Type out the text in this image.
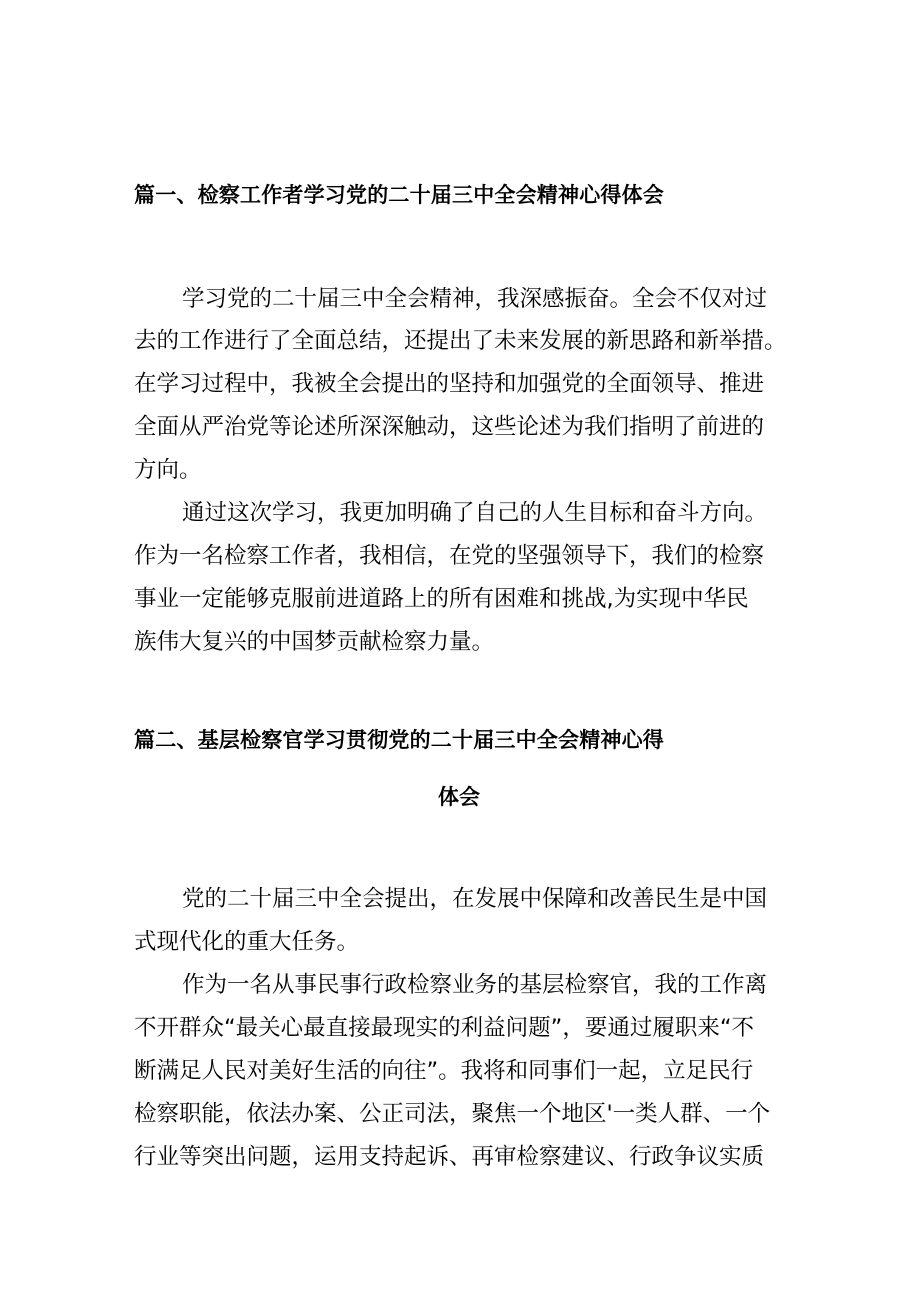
篇一、检察工作者学习党的二十届三中全会精神心得体会
学习党的二十届三中全会精神，我深感振奋。全会不仅对过
去的工作进行了全面总结，还提出了未来发展的新思路和新举措。
在学习过程中，我被全会提出的坚持和加强党的全面领导、推进
全面从严治党等论述所深深触动，这些论述为我们指明了前进的
方向。
通过这次学习，我更加明确了自己的人生目标和奋斗方向。
作为一名检察工作者，我相信，在党的坚强领导下，我们的检察
事业一定能够克服前进道路上的所有困难和挑战,为实现中华民
族伟大复兴的中国梦贡献检察力量。
篇二、基层检察官学习贯彻党的二十届三中全会精神心得
体会
党的二十届三中全会提出，在发展中保障和改善民生是中国
式现代化的重大任务。
作为一名从事民事行政检察业务的基层检察官，我的工作离
不开群众“最关心最直接最现实的利益问题”，要通过履职来“不
断满足人民对美好生活的向往”。我将和同事们一起，立足民行
检察职能，依法办案、公正司法，聚焦一个地区'一类人群、一个
行业等突出问题，运用支持起诉、再审检察建议、行政争议实质
